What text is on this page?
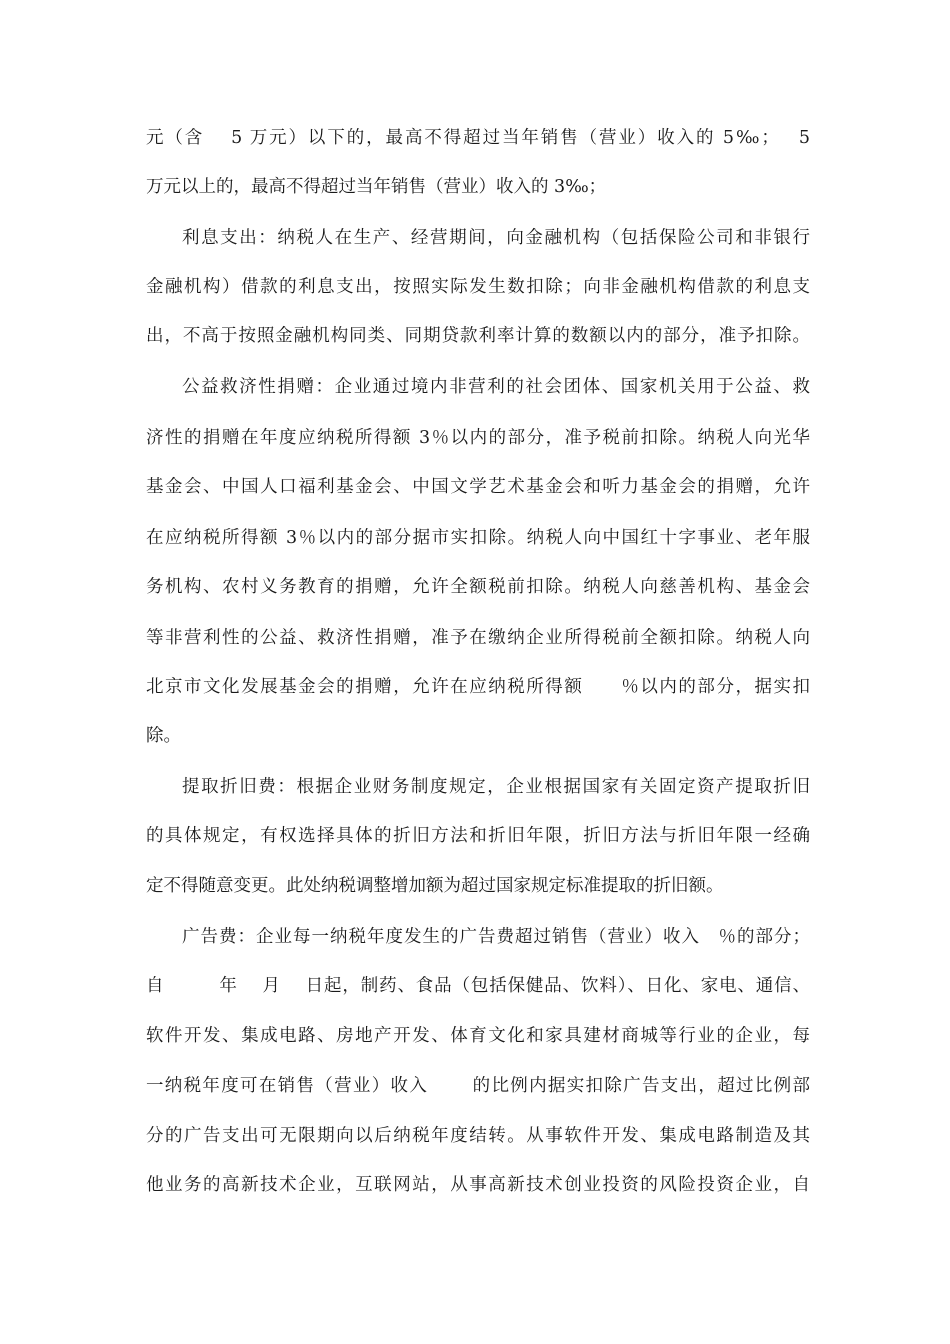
元（含　 5 万元）以下的，最高不得超过当年销售（营业）收入的 5‰；　 5
万元以上的，最高不得超过当年销售（营业）收入的 3‰；
利息支出：纳税人在生产、经营期间，向金融机构（包括保险公司和非银行
金融机构）借款的利息支出，按照实际发生数扣除；向非金融机构借款的利息支
出，不高于按照金融机构同类、同期贷款利率计算的数额以内的部分，准予扣除。
公益救济性捐赠：企业通过境内非营利的社会团体、国家机关用于公益、救
济性的捐赠在年度应纳税所得额 3％以内的部分，准予税前扣除。纳税人向光华
基金会、中国人口福利基金会、中国文学艺术基金会和听力基金会的捐赠，允许
在应纳税所得额 3％以内的部分据市实扣除。纳税人向中国红十字事业、老年服
务机构、农村义务教育的捐赠，允许全额税前扣除。纳税人向慈善机构、基金会
等非营利性的公益、救济性捐赠，准予在缴纳企业所得税前全额扣除。纳税人向
北京市文化发展基金会的捐赠，允许在应纳税所得额　　％以内的部分，据实扣
除。
提取折旧费：根据企业财务制度规定，企业根据国家有关固定资产提取折旧
的具体规定，有权选择具体的折旧方法和折旧年限，折旧方法与折旧年限一经确
定不得随意变更。此处纳税调整增加额为超过国家规定标准提取的折旧额。
广告费：企业每一纳税年度发生的广告费超过销售（营业）收入　％的部分；
自　　　年　 月　 日起，制药、食品（包括保健品、饮料）、日化、家电、通信、
软件开发、集成电路、房地产开发、体育文化和家具建材商城等行业的企业，每
一纳税年度可在销售（营业）收入　　 的比例内据实扣除广告支出，超过比例部
分的广告支出可无限期向以后纳税年度结转。从事软件开发、集成电路制造及其
他业务的高新技术企业，互联网站，从事高新技术创业投资的风险投资企业，自
